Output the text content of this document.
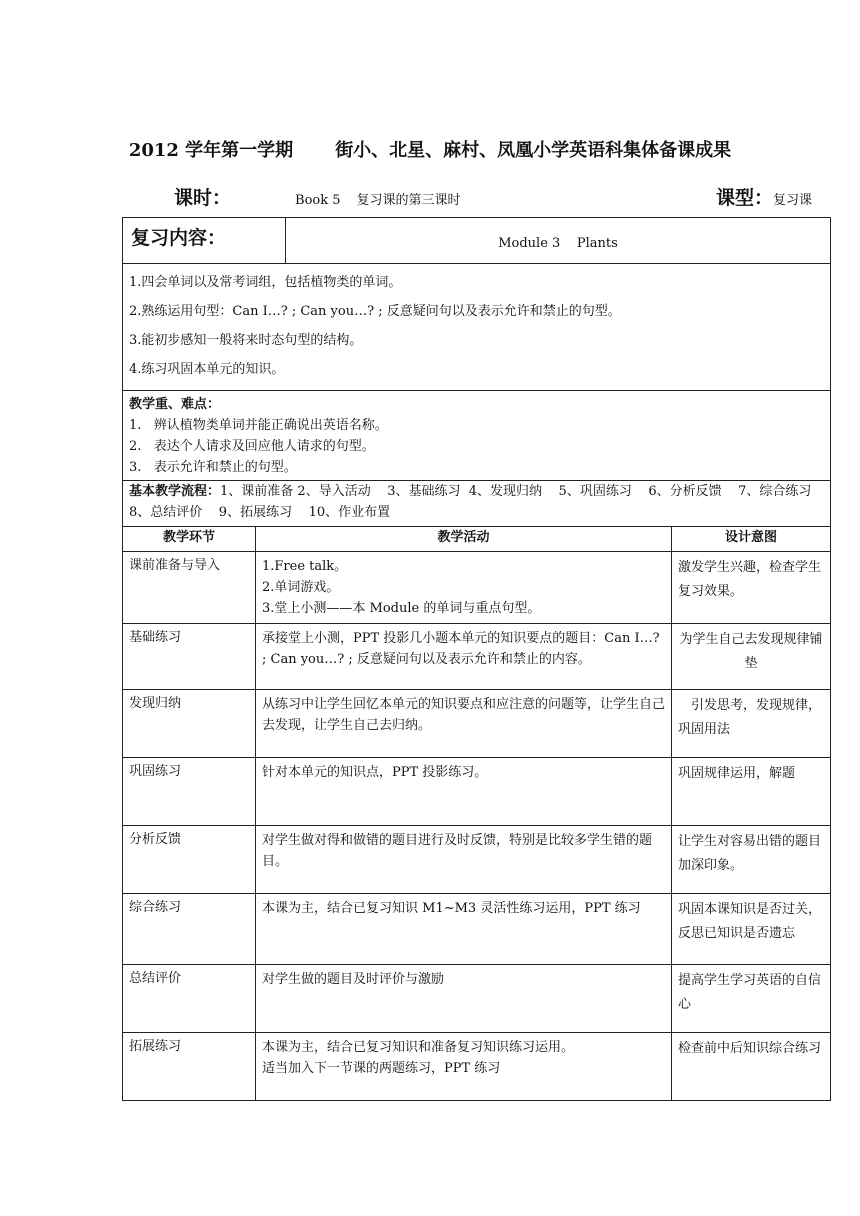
2012 学年第一学期 街小、北星、麻村、凤凰小学英语科集体备课成果
课时：	Book 5 复习课的第三课时	课型：复习课
复习内容：	Module 3    Plants

1.四会单词以及常考词组，包括植物类的单词。

2.熟练运用句型：Can I…? ; Can you…? ; 反意疑问句以及表示允许和禁止的句型。

3.能初步感知一般将来时态句型的结构。

4.练习巩固本单元的知识。

教学重、难点：

1.   辨认植物类单词并能正确说出英语名称。

2.   表达个人请求及回应他人请求的句型。

3.   表示允许和禁止的句型。

基本教学流程：1、课前准备 2、导入活动    3、基础练习  4、发现归纳    5、巩固练习    6、分析反馈    7、综合练习    8、总结评价    9、拓展练习    10、作业布置
教学环节	教学活动	设计意图
课前准备与导入	1.Free talk。
2.单词游戏。
3.堂上小测——本 Module 的单词与重点句型。	激发学生兴趣，检查学生复习效果。
基础练习	承接堂上小测，PPT 投影几小题本单元的知识要点的题目：Can I…? ; Can you…? ; 反意疑问句以及表示允许和禁止的内容。	为学生自己去发现规律铺垫
发现归纳	从练习中让学生回忆本单元的知识要点和应注意的问题等，让学生自己去发现，让学生自己去归纳。	引发思考，发现规律，巩固用法
巩固练习	针对本单元的知识点，PPT 投影练习。	巩固规律运用，解题
分析反馈	对学生做对得和做错的题目进行及时反馈，特别是比较多学生错的题目。	让学生对容易出错的题目加深印象。
综合练习	本课为主，结合已复习知识 M1~M3 灵活性练习运用，PPT 练习	巩固本课知识是否过关，反思已知识是否遗忘
总结评价	对学生做的题目及时评价与激励	提高学生学习英语的自信心
拓展练习	本课为主，结合已复习知识和准备复习知识练习运用。
适当加入下一节课的两题练习，PPT 练习	检查前中后知识综合练习
